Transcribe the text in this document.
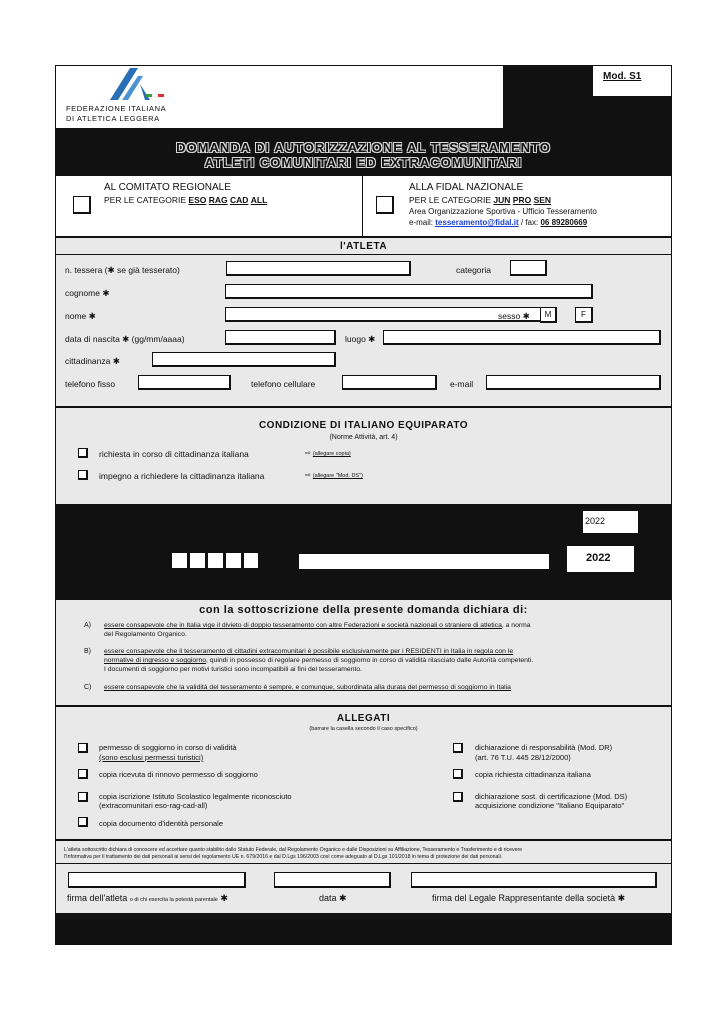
FEDERAZIONE ITALIANA
DI ATLETICA LEGGERA
Mod. S1
DOMANDA DI AUTORIZZAZIONE AL TESSERAMENTO
ATLETI COMUNITARI ED EXTRACOMUNITARI
AL COMITATO REGIONALE
PER LE CATEGORIE ESO RAG CAD ALL
ALLA FIDAL NAZIONALE
PER LE CATEGORIE JUN PRO SEN
Area Organizzazione Sportiva - Ufficio Tesseramento
e-mail: tesseramento@fidal.it / fax: 06 89280669
l'ATLETA
n. tessera (✱ se già tesserato)	categoria
cognome ✱
nome ✱	sesso ✱	M	F
data di nascita ✱ (gg/mm/aaaa)	luogo ✱
cittadinanza ✱
telefono fisso	telefono cellulare	e-mail
CONDIZIONE DI ITALIANO EQUIPARATO
(Norme Attività, art. 4)
richiesta in corso di cittadinanza italiana	⇨ (allegare copia)
impegno a richiedere la cittadinanza italiana	⇨ (allegare "Mod. DS")
2022
2022
con la sottoscrizione della presente domanda dichiara di:
A) essere consapevole che in Italia vige il divieto di doppio tesseramento con altre Federazioni e società nazionali o straniere di atletica, a norma
del Regolamento Organico.
B) essere consapevole che il tesseramento di cittadini extracomunitari è possibile esclusivamente per i RESIDENTI in Italia in regola con le
normative di ingresso e soggiorno, quindi in possesso di regolare permesso di soggiorno in corso di validità rilasciato dalle Autorità competenti.
I documenti di soggiorno per motivi turistici sono incompatibili ai fini del tesseramento.
C) essere consapevole che la validità del tesseramento è sempre, e comunque, subordinata alla durata del permesso di soggiorno in Italia
ALLEGATI
(barrare la casella secondo il caso specifico)
permesso di soggiorno in corso di validità
(sono esclusi permessi turistici)
copia ricevuta di rinnovo permesso di soggiorno
copia iscrizione Istituto Scolastico legalmente riconosciuto
(extracomunitari eso-rag-cad-all)
copia documento d'identità personale
dichiarazione di responsabilità (Mod. DR)
(art. 76 T.U. 445 28/12/2000)
copia richiesta cittadinanza italiana
dichiarazione sost. di certificazione (Mod. DS)
acquisizione condizione "Italiano Equiparato"
L'atleta sottoscritto dichiara di conoscere ed accettare quanto stabilito dallo Statuto Federale, dal Regolamento Organico e dalle Disposizioni su Affiliazione, Tesseramento e Trasferimento e di ricevere
l'Informativa per il trattamento dei dati personali ai sensi del regolamento UE n. 679/2016 e dal D.Lgs 196/2003 così come adeguato al D.Lgs 101/2018 in tema di protezione dei dati personali.
firma dell'atleta o di chi esercita la potestà parentale ✱	data ✱	firma del Legale Rappresentante della società ✱
